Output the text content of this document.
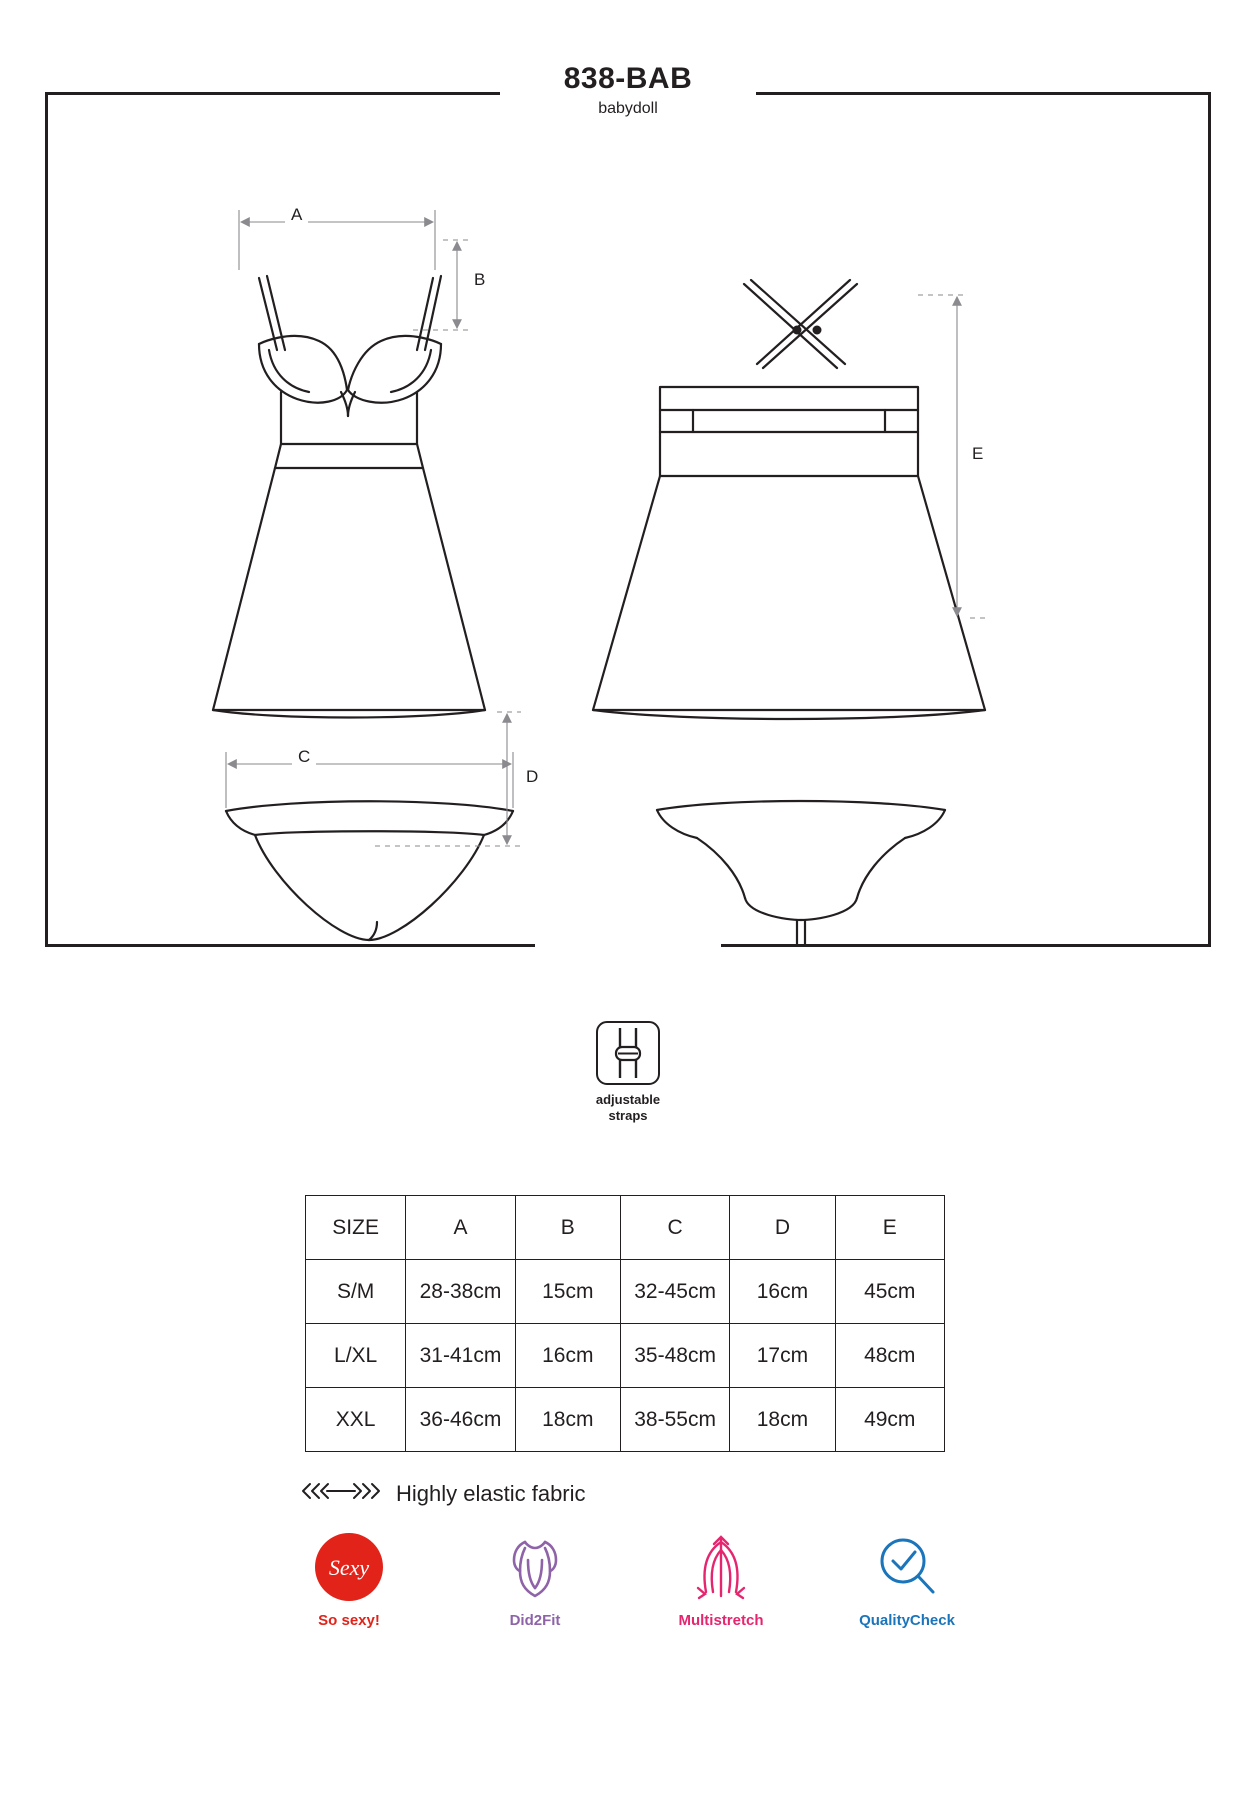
838-BAB
babydoll
A
B
C
D
E
adjustable
straps
SIZE	A	B	C	D	E
S/M	28-38cm	15cm	32-45cm	16cm	45cm
L/XL	31-41cm	16cm	35-48cm	17cm	48cm
XXL	36-46cm	18cm	38-55cm	18cm	49cm
Highly elastic fabric
Sexy
So sexy!	Did2Fit	Multistretch	QualityCheck
